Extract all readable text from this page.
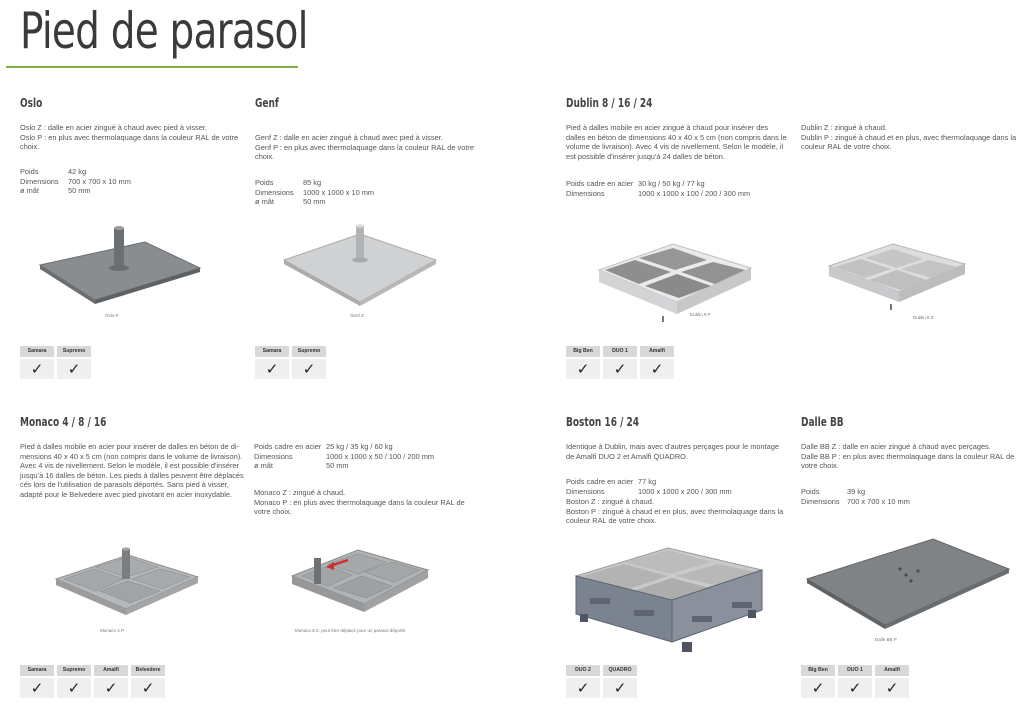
Pied de parasol
Oslo
Oslo Z : dalle en acier zingué à chaud avec pied à visser.
Oslo P : en plus avec thermolaquage dans la couleur RAL de votre
choix.
Poids	42 kg
Dimensions	700 x 700 x 10 mm
ø mât	50 mm
Oslo P
Samara
✓
Supremo
✓
Genf
Genf Z : dalle en acier zingué à chaud avec pied à visser.
Genf P : en plus avec thermolaquage dans la couleur RAL de votre
choix.
Poids	85 kg
Dimensions	1000 x 1000 x 10 mm
ø mât	50 mm
Genf Z
Samara
✓
Supremo
✓
Dublin 8 / 16 / 24
Pied à dalles mobile en acier zingué à chaud pour insérer des
dalles en béton de dimensions 40 x 40 x 5 cm (non compris dans le
volume de livraison). Avec 4 vis de nivellement. Selon le modèle, il
est possible d'insérer jusqu'à 24 dalles de béton.
Dublin Z : zingué à chaud.
Dublin P : zingué à chaud et en plus, avec thermolaquage dans la
couleur RAL de votre choix.
Poids cadre en acier 30 kg / 50 kg / 77 kg
Dimensions	1000 x 1000 x 100 / 200 / 300 mm
Dublin 8 P
Dublin 8 Z
Big Ben
✓
DUO 1
✓
Amalfi
✓
Monaco 4 / 8 / 16
Pied à dalles mobile en acier pour insérer de dalles en béton de di-
mensions 40 x 40 x 5 cm (non compris dans le volume de livraison).
Avec 4 vis de nivellement. Selon le modèle, il est possible d'insérer
jusqu'à 16 dalles de béton. Les pieds à dalles peuvent être déplacés
cés lors de l'utilisation de parasols déportés. Sans pied à visser,
adapté pour le Belvedere avec pied pivotant en acier inoxydable.
Poids cadre en acier 25 kg / 35 kg / 60 kg
Dimensions	1000 x 1000 x 50 / 100 / 200 mm
ø mât	50 mm
Monaco Z : zingué à chaud.
Monaco P : en plus avec thermolaquage dans la couleur RAL de
votre choix.
Monaco 4 P	Monaco 8 Z, peut être déplacé pour un parasol déporté
Samara
✓
Supremo
✓
Amalfi
✓
Belvedere
✓
Boston 16 / 24
Identique à Dublin, mais avec d'autres perçages pour le montage
de Amalfi DUO 2 et Amalfi QUADRO.
Poids cadre en acier 77 kg
Dimensions	1000 x 1000 x 200 / 300 mm
Boston Z : zingué à chaud.
Boston P : zingué à chaud et en plus, avec thermolaquage dans la
couleur RAL de votre choix.
DUO 2
✓
QUADRO
✓
Dalle BB
Dalle BB Z : dalle en acier zingué à chaud avec perçages.
Dalle BB P : en plus avec thermolaquage dans la couleur RAL de
votre choix.
Poids	39 kg
Dimensions 700 x 700 x 10 mm
Dalle BB P
Big Ben
✓
DUO 1
✓
Amalfi
✓
